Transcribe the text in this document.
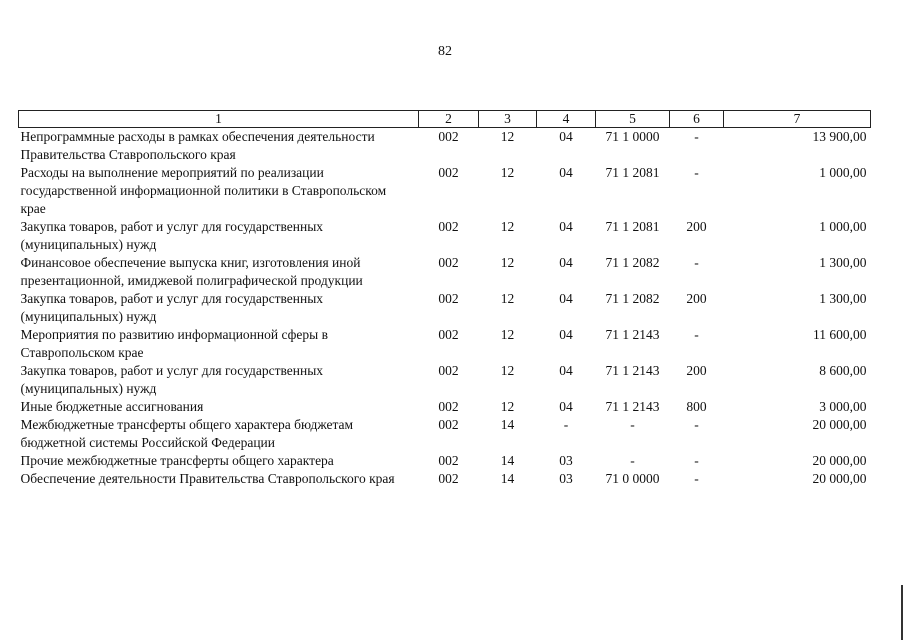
82
1	2	3	4	5	6	7
Непрограммные расходы в рамках обеспечения деятельности Правительства Ставропольского края	002	12	04	71 1 0000	-	13 900,00
Расходы на выполнение мероприятий по реализации государственной информационной политики в Ставропольском крае	002	12	04	71 1 2081	-	1 000,00
Закупка товаров, работ и услуг для государственных (муниципальных) нужд	002	12	04	71 1 2081	200	1 000,00
Финансовое обеспечение выпуска книг, изготовления иной презентационной, имиджевой полиграфической продукции	002	12	04	71 1 2082	-	1 300,00
Закупка товаров, работ и услуг для государственных (муниципальных) нужд	002	12	04	71 1 2082	200	1 300,00
Мероприятия по развитию информационной сферы в Ставропольском крае	002	12	04	71 1 2143	-	11 600,00
Закупка товаров, работ и услуг для государственных (муниципальных) нужд	002	12	04	71 1 2143	200	8 600,00
Иные бюджетные ассигнования	002	12	04	71 1 2143	800	3 000,00
Межбюджетные трансферты общего характера бюджетам бюджетной системы Российской Федерации	002	14	-	-	-	20 000,00
Прочие межбюджетные трансферты общего характера	002	14	03	-	-	20 000,00
Обеспечение деятельности Правительства Ставропольского края	002	14	03	71 0 0000	-	20 000,00
